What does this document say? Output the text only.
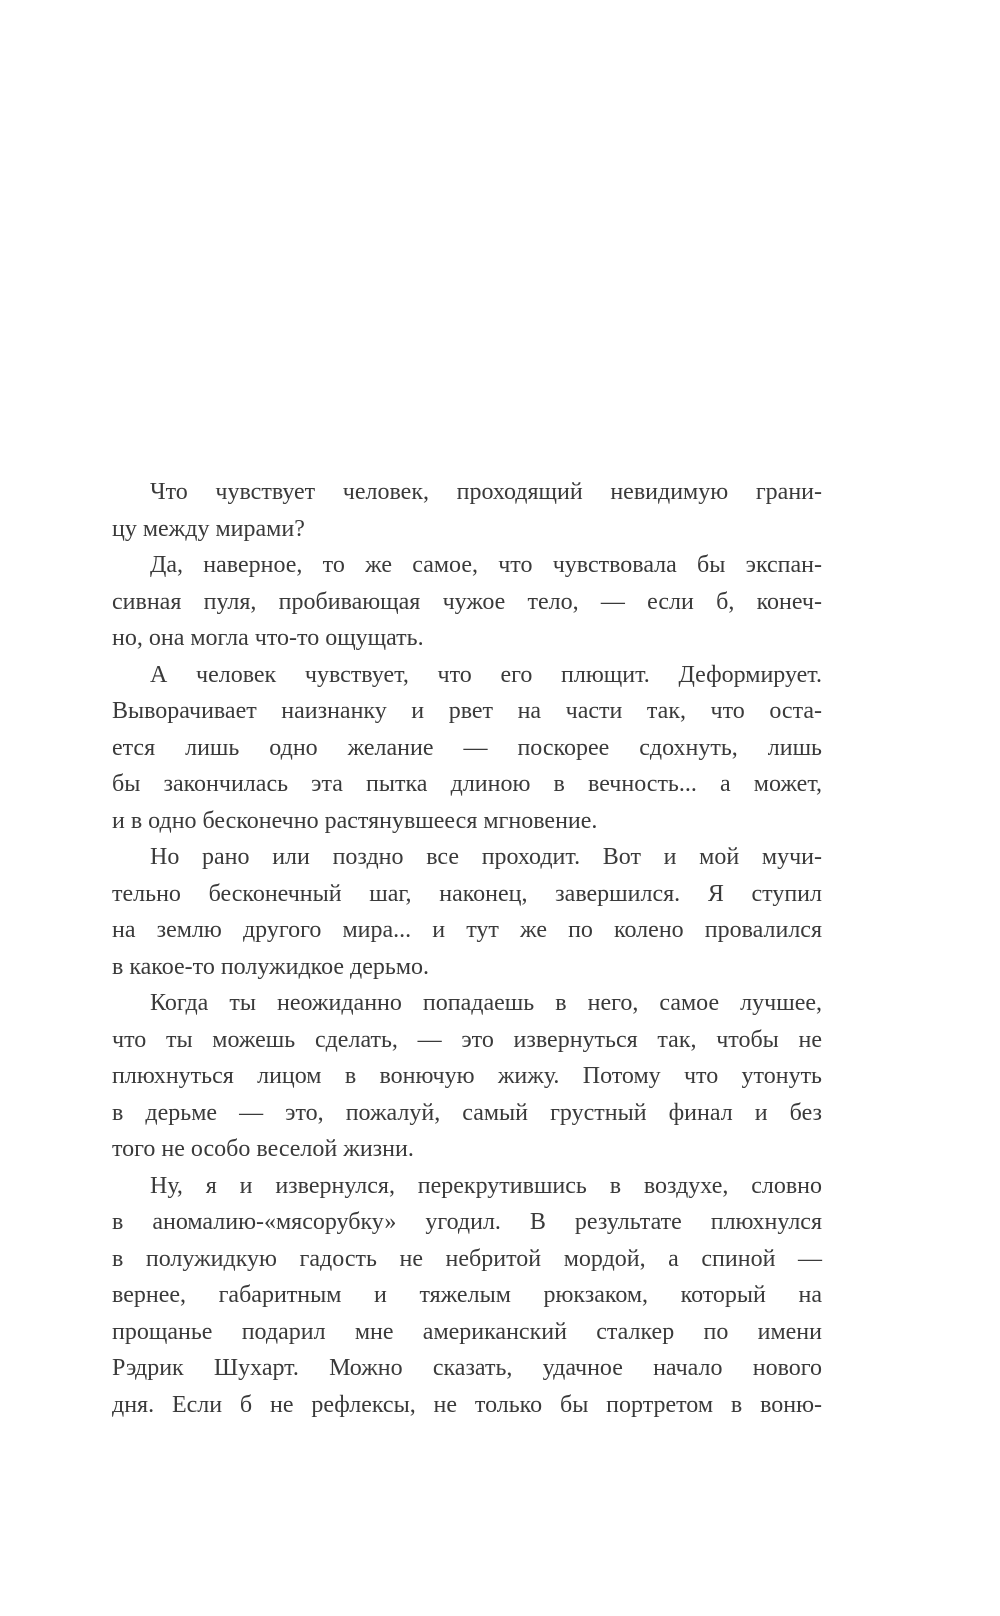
Что чувствует человек, проходящий невидимую грани-
цу между мирами?
Да, наверное, то же самое, что чувствовала бы экспан-
сивная пуля, пробивающая чужое тело, — если б, конеч-
но, она могла что-то ощущать.
А человек чувствует, что его плющит. Деформирует.
Выворачивает наизнанку и рвет на части так, что оста-
ется лишь одно желание — поскорее сдохнуть, лишь
бы закончилась эта пытка длиною в вечность... а может,
и в одно бесконечно растянувшееся мгновение.
Но рано или поздно все проходит. Вот и мой мучи-
тельно бесконечный шаг, наконец, завершился. Я ступил
на землю другого мира... и тут же по колено провалился
в какое-то полужидкое дерьмо.
Когда ты неожиданно попадаешь в него, самое лучшее,
что ты можешь сделать, — это извернуться так, чтобы не
плюхнуться лицом в вонючую жижу. Потому что утонуть
в дерьме — это, пожалуй, самый грустный финал и без
того не особо веселой жизни.
Ну, я и извернулся, перекрутившись в воздухе, словно
в аномалию-«мясорубку» угодил. В результате плюхнулся
в полужидкую гадость не небритой мордой, а спиной —
вернее, габаритным и тяжелым рюкзаком, который на
прощанье подарил мне американский сталкер по имени
Рэдрик Шухарт. Можно сказать, удачное начало нового
дня. Если б не рефлексы, не только бы портретом в воню-
